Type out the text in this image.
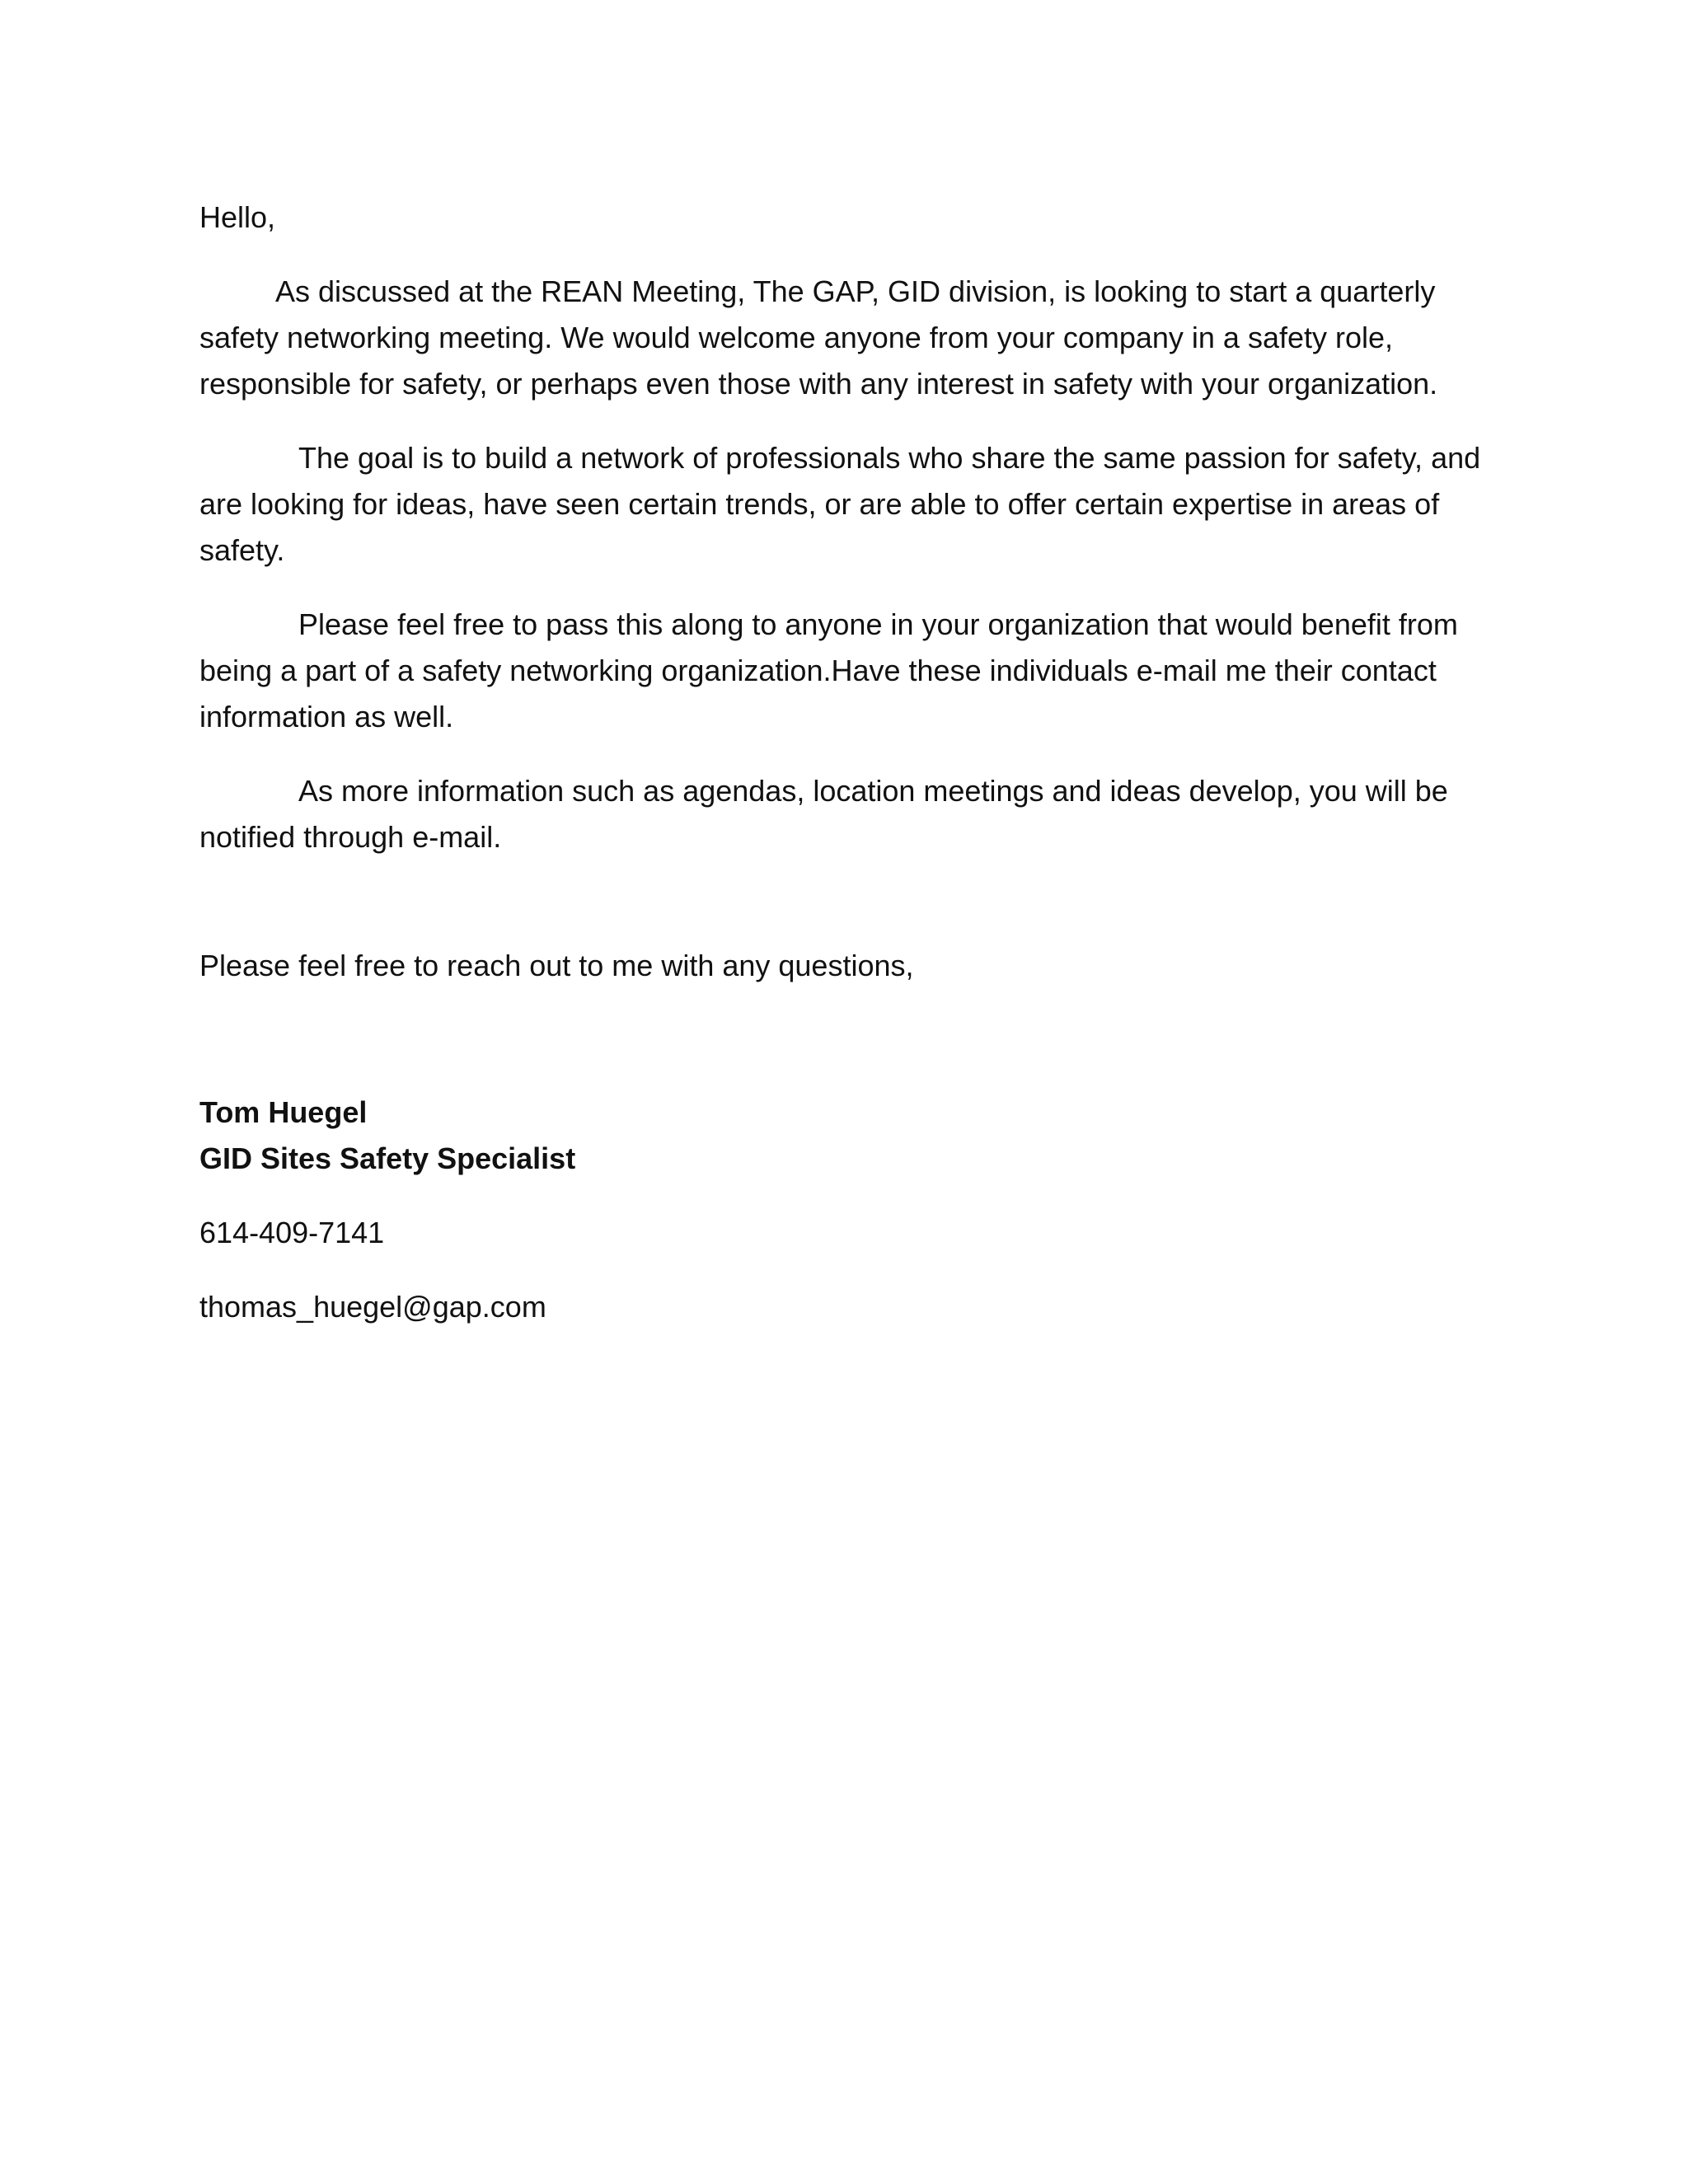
Hello,

As discussed at the REAN Meeting, The GAP, GID division, is looking to start a quarterly safety networking meeting. We would welcome anyone from your company in a safety role, responsible for safety, or perhaps even those with any interest in safety with your organization.

The goal is to build a network of professionals who share the same passion for safety, and are looking for ideas, have seen certain trends, or are able to offer certain expertise in areas of safety.

Please feel free to pass this along to anyone in your organization that would benefit from being a part of a safety networking organization.Have these individuals e-mail me their contact information as well.

As more information such as agendas, location meetings and ideas develop, you will be notified through e-mail.

Please feel free to reach out to me with any questions,

Tom Huegel
GID Sites Safety Specialist

614-409-7141

thomas_huegel@gap.com
